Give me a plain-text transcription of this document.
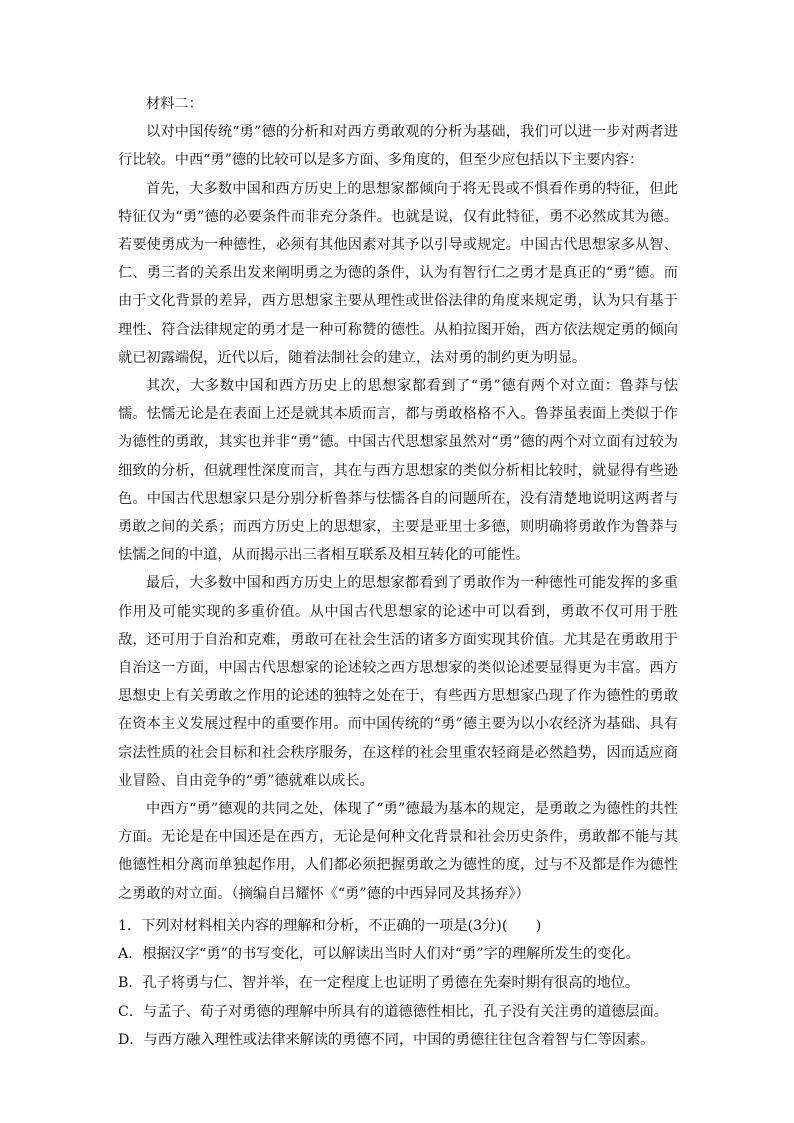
材料二：

以对中国传统“勇”德的分析和对西方勇敢观的分析为基础，我们可以进一步对两者进行比较。中西“勇”德的比较可以是多方面、多角度的，但至少应包括以下主要内容：

首先，大多数中国和西方历史上的思想家都倾向于将无畏或不惧看作勇的特征，但此特征仅为“勇”德的必要条件而非充分条件。也就是说，仅有此特征，勇不必然成其为德。若要使勇成为一种德性，必须有其他因素对其予以引导或规定。中国古代思想家多从智、仁、勇三者的关系出发来阐明勇之为德的条件，认为有智行仁之勇才是真正的“勇”德。而由于文化背景的差异，西方思想家主要从理性或世俗法律的角度来规定勇，认为只有基于理性、符合法律规定的勇才是一种可称赞的德性。从柏拉图开始，西方依法规定勇的倾向就已初露端倪，近代以后，随着法制社会的建立，法对勇的制约更为明显。

其次，大多数中国和西方历史上的思想家都看到了“勇”德有两个对立面：鲁莽与怯懦。怯懦无论是在表面上还是就其本质而言，都与勇敢格格不入。鲁莽虽表面上类似于作为德性的勇敢，其实也并非“勇”德。中国古代思想家虽然对“勇”德的两个对立面有过较为细致的分析，但就理性深度而言，其在与西方思想家的类似分析相比较时，就显得有些逊色。中国古代思想家只是分别分析鲁莽与怯懦各自的问题所在，没有清楚地说明这两者与勇敢之间的关系；而西方历史上的思想家，主要是亚里士多德，则明确将勇敢作为鲁莽与怯懦之间的中道，从而揭示出三者相互联系及相互转化的可能性。

最后，大多数中国和西方历史上的思想家都看到了勇敢作为一种德性可能发挥的多重作用及可能实现的多重价值。从中国古代思想家的论述中可以看到，勇敢不仅可用于胜敌，还可用于自治和克难，勇敢可在社会生活的诸多方面实现其价值。尤其是在勇敢用于自治这一方面，中国古代思想家的论述较之西方思想家的类似论述要显得更为丰富。西方思想史上有关勇敢之作用的论述的独特之处在于，有些西方思想家凸现了作为德性的勇敢在资本主义发展过程中的重要作用。而中国传统的“勇”德主要为以小农经济为基础、具有宗法性质的社会目标和社会秩序服务，在这样的社会里重农轻商是必然趋势，因而适应商业冒险、自由竞争的“勇”德就难以成长。

中西方“勇”德观的共同之处，体现了“勇”德最为基本的规定，是勇敢之为德性的共性方面。无论是在中国还是在西方，无论是何种文化背景和社会历史条件，勇敢都不能与其他德性相分离而单独起作用，人们都必须把握勇敢之为德性的度，过与不及都是作为德性之勇敢的对立面。（摘编自吕耀怀《“勇”德的中西异同及其扬弃》）

1．下列对材料相关内容的理解和分析，不正确的一项是(3分)(　　)

A．根据汉字“勇”的书写变化，可以解读出当时人们对“勇”字的理解所发生的变化。

B．孔子将勇与仁、智并举，在一定程度上也证明了勇德在先秦时期有很高的地位。

C．与孟子、荀子对勇德的理解中所具有的道德德性相比，孔子没有关注勇的道德层面。

D．与西方融入理性或法律来解读的勇德不同，中国的勇德往往包含着智与仁等因素。
